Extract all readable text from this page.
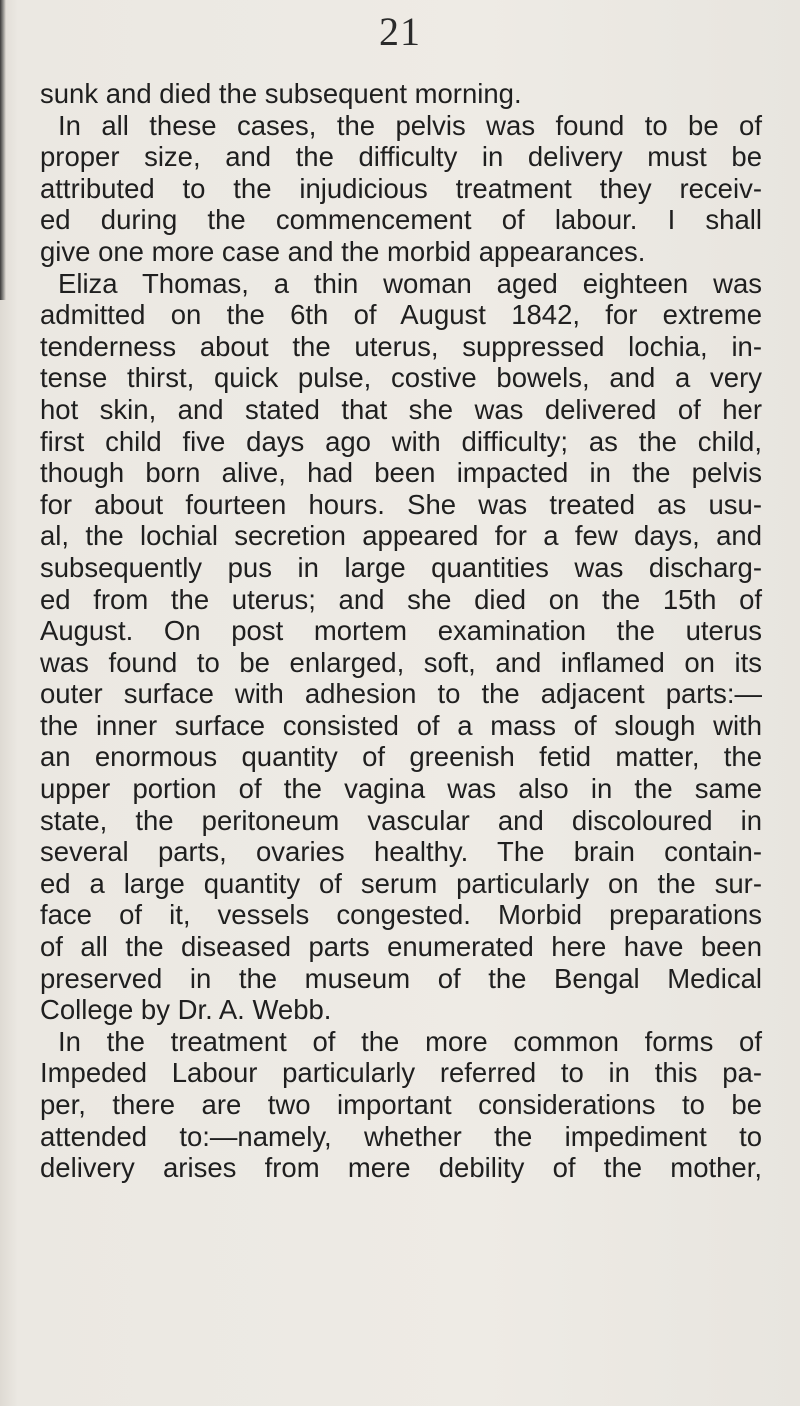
21
sunk and died the subsequent morning.
In all these cases, the pelvis was found to be of
proper size, and the difficulty in delivery must be
attributed to the injudicious treatment they receiv-
ed during the commencement of labour. I shall
give one more case and the morbid appearances.
Eliza Thomas, a thin woman aged eighteen was
admitted on the 6th of August 1842, for extreme
tenderness about the uterus, suppressed lochia, in-
tense thirst, quick pulse, costive bowels, and a very
hot skin, and stated that she was delivered of her
first child five days ago with difficulty; as the child,
though born alive, had been impacted in the pelvis
for about fourteen hours. She was treated as usu-
al, the lochial secretion appeared for a few days, and
subsequently pus in large quantities was discharg-
ed from the uterus; and she died on the 15th of
August. On post mortem examination the uterus
was found to be enlarged, soft, and inflamed on its
outer surface with adhesion to the adjacent parts:—
the inner surface consisted of a mass of slough with
an enormous quantity of greenish fetid matter, the
upper portion of the vagina was also in the same
state, the peritoneum vascular and discoloured in
several parts, ovaries healthy. The brain contain-
ed a large quantity of serum particularly on the sur-
face of it, vessels congested. Morbid preparations
of all the diseased parts enumerated here have been
preserved in the museum of the Bengal Medical
College by Dr. A. Webb.
In the treatment of the more common forms of
Impeded Labour particularly referred to in this pa-
per, there are two important considerations to be
attended to:—namely, whether the impediment to
delivery arises from mere debility of the mother,
